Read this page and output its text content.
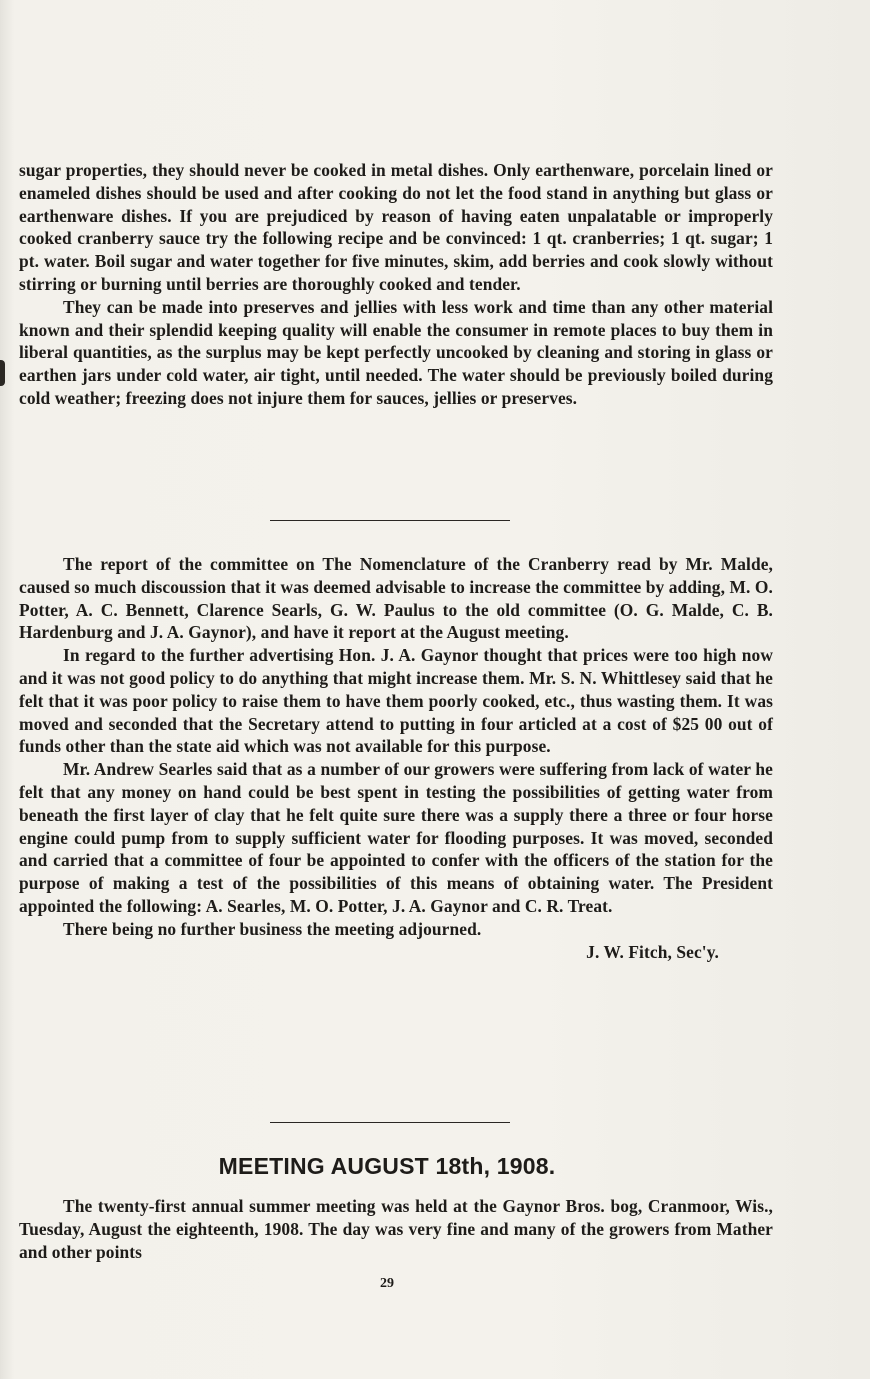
sugar properties, they should never be cooked in metal dishes. Only earthenware, porcelain lined or enameled dishes should be used and after cooking do not let the food stand in anything but glass or earthenware dishes. If you are prejudiced by reason of having eaten unpalatable or improperly cooked cranberry sauce try the following recipe and be convinced: 1 qt. cranberries; 1 qt. sugar; 1 pt. water. Boil sugar and water together for five minutes, skim, add berries and cook slowly without stirring or burning until berries are thoroughly cooked and tender.

They can be made into preserves and jellies with less work and time than any other material known and their splendid keeping quality will enable the consumer in remote places to buy them in liberal quantities, as the surplus may be kept perfectly uncooked by cleaning and storing in glass or earthen jars under cold water, air tight, until needed. The water should be previously boiled during cold weather; freezing does not injure them for sauces, jellies or preserves.

The report of the committee on The Nomenclature of the Cranberry read by Mr. Malde, caused so much discoussion that it was deemed advisable to increase the committee by adding, M. O. Potter, A. C. Bennett, Clarence Searls, G. W. Paulus to the old committee (O. G. Malde, C. B. Hardenburg and J. A. Gaynor), and have it report at the August meeting.

In regard to the further advertising Hon. J. A. Gaynor thought that prices were too high now and it was not good policy to do anything that might increase them. Mr. S. N. Whittlesey said that he felt that it was poor policy to raise them to have them poorly cooked, etc., thus wasting them. It was moved and seconded that the Secretary attend to putting in four articled at a cost of $25 00 out of funds other than the state aid which was not available for this purpose.

Mr. Andrew Searles said that as a number of our growers were suffering from lack of water he felt that any money on hand could be best spent in testing the possibilities of getting water from beneath the first layer of clay that he felt quite sure there was a supply there a three or four horse engine could pump from to supply sufficient water for flooding purposes. It was moved, seconded and carried that a committee of four be appointed to confer with the officers of the station for the purpose of making a test of the possibilities of this means of obtaining water. The President appointed the following: A. Searles, M. O. Potter, J. A. Gaynor and C. R. Treat.

There being no further business the meeting adjourned.

J. W. Fitch, Sec'y.

MEETING AUGUST 18th, 1908.

The twenty-first annual summer meeting was held at the Gaynor Bros. bog, Cranmoor, Wis., Tuesday, August the eighteenth, 1908. The day was very fine and many of the growers from Mather and other points

29
